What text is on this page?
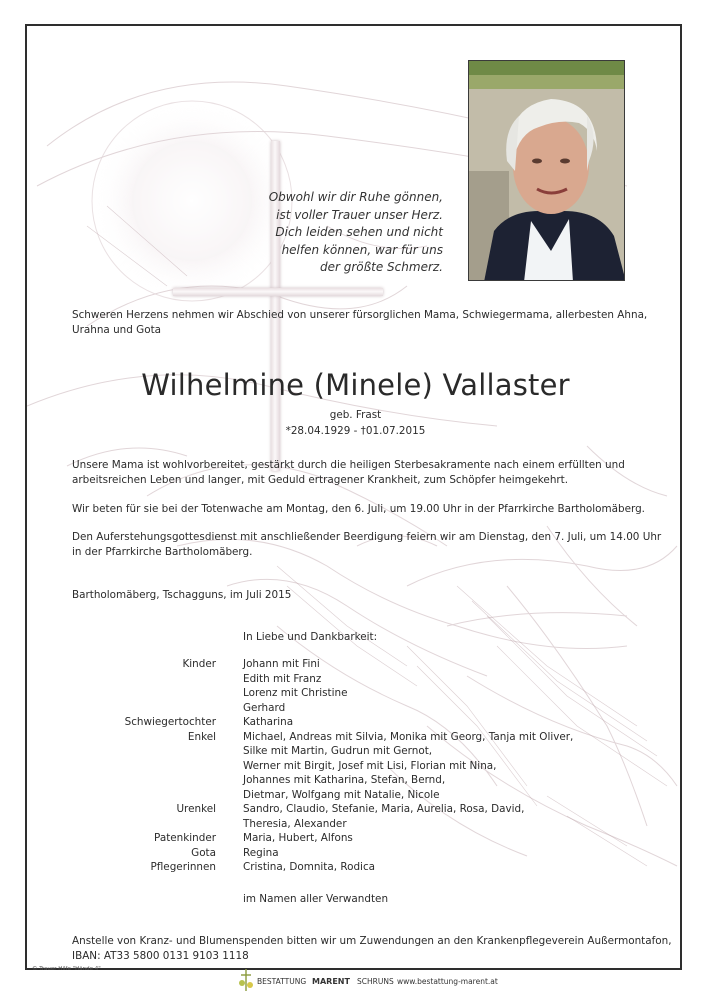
Obwohl wir dir Ruhe gönnen,
ist voller Trauer unser Herz.
Dich leiden sehen und nicht
helfen können, war für uns
der größte Schmerz.
Schweren Herzens nehmen wir Abschied von unserer fürsorglichen Mama, Schwiegermama, allerbesten Ahna,
Urahna und Gota
Wilhelmine (Minele) Vallaster
geb. Frast
*28.04.1929 - †01.07.2015
Unsere Mama ist wohlvorbereitet, gestärkt durch die heiligen Sterbesakramente nach einem erfüllten und
arbeitsreichen Leben und langer, mit Geduld ertragener Krankheit, zum Schöpfer heimgekehrt.
Wir beten für sie bei der Totenwache am Montag, den 6. Juli, um 19.00 Uhr in der Pfarrkirche Bartholomäberg.
Den Auferstehungsgottesdienst mit anschließender Beerdigung feiern wir am Dienstag, den 7. Juli, um 14.00 Uhr
in der Pfarrkirche Bartholomäberg.
Bartholomäberg, Tschagguns, im Juli 2015
In Liebe und Dankbarkeit:
Kinder	Johann mit Fini
Edith mit Franz
Lorenz mit Christine
Gerhard
Schwiegertochter	Katharina
Enkel	Michael, Andreas mit Silvia, Monika mit Georg, Tanja mit Oliver,
Silke mit Martin, Gudrun mit Gernot,
Werner mit Birgit, Josef mit Lisi, Florian mit Nina,
Johannes mit Katharina, Stefan, Bernd,
Dietmar, Wolfgang mit Natalie, Nicole
Urenkel	Sandro, Claudio, Stefanie, Maria, Aurelia, Rosa, David,
Theresia, Alexander
Patenkinder	Maria, Hubert, Alfons
Gota	Regina
Pflegerinnen	Cristina, Domnita, Rodica
im Namen aller Verwandten
Anstelle von Kranz- und Blumenspenden bitten wir um Zuwendungen an den Krankenpflegeverein Außermontafon,
IBAN: AT33 5800 0131 9103 1118
© Trauer Hilfe "Hände 4"
BESTATTUNG MARENT SCHRUNS www.bestattung-marent.at
